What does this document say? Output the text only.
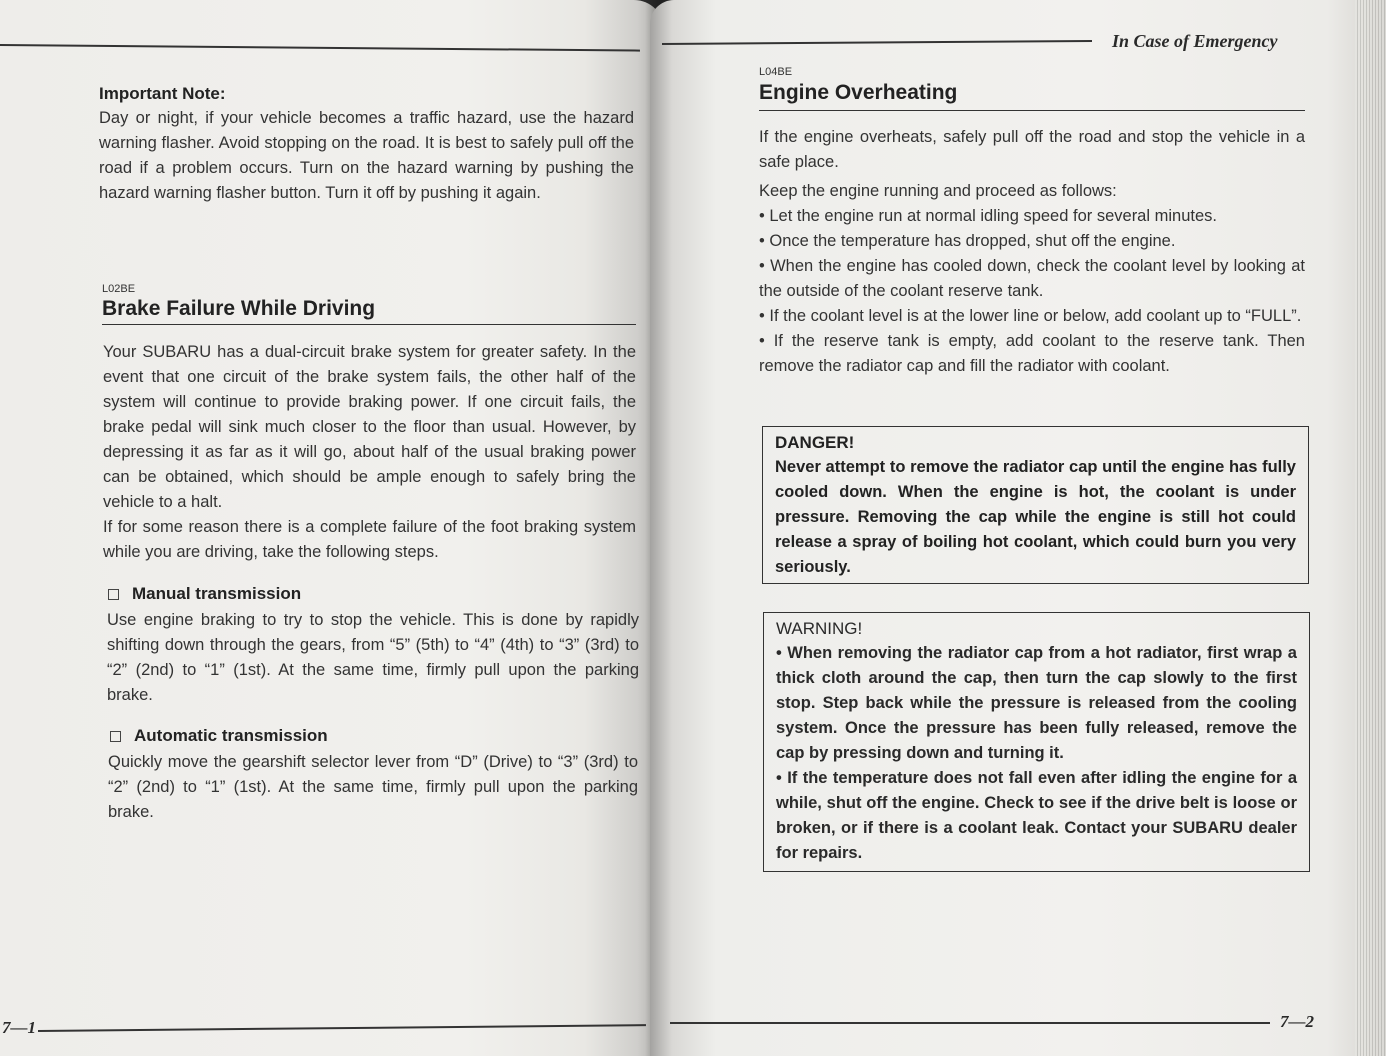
Important Note:
Day or night, if your vehicle becomes a traffic hazard, use the hazard warning flasher. Avoid stopping on the road. It is best to safely pull off the road if a problem occurs. Turn on the hazard warning by pushing the hazard warning flasher button. Turn it off by pushing it again.
L02BE
Brake Failure While Driving

Your SUBARU has a dual-circuit brake system for greater safety. In the event that one circuit of the brake system fails, the other half of the system will continue to provide braking power. If one circuit fails, the brake pedal will sink much closer to the floor than usual. However, by depressing it as far as it will go, about half of the usual braking power can be obtained, which should be ample enough to safely bring the vehicle to a halt.

If for some reason there is a complete failure of the foot braking system while you are driving, take the following steps.

Manual transmission
Use engine braking to try to stop the vehicle. This is done by rapidly shifting down through the gears, from “5” (5th) to “4” (4th) to “3” (3rd) to “2” (2nd) to “1” (1st). At the same time, firmly pull upon the parking brake.
Automatic transmission
Quickly move the gearshift selector lever from “D” (Drive) to “3” (3rd) to “2” (2nd) to “1” (1st). At the same time, firmly pull upon the parking brake.
7—1
In Case of Emergency
L04BE
Engine Overheating

If the engine overheats, safely pull off the road and stop the vehicle in a safe place.

Keep the engine running and proceed as follows:

• Let the engine run at normal idling speed for several minutes.
• Once the temperature has dropped, shut off the engine.
• When the engine has cooled down, check the coolant level by looking at the outside of the coolant reserve tank.
• If the coolant level is at the lower line or below, add coolant up to “FULL”.
• If the reserve tank is empty, add coolant to the reserve tank. Then remove the radiator cap and fill the radiator with coolant.
DANGER!
Never attempt to remove the radiator cap until the engine has fully cooled down. When the engine is hot, the coolant is under pressure. Removing the cap while the engine is still hot could release a spray of boiling hot coolant, which could burn you very seriously.
WARNING!

• When removing the radiator cap from a hot radiator, first wrap a thick cloth around the cap, then turn the cap slowly to the first stop. Step back while the pressure is released from the cooling system. Once the pressure has been fully released, remove the cap by pressing down and turning it.

• If the temperature does not fall even after idling the engine for a while, shut off the engine. Check to see if the drive belt is loose or broken, or if there is a coolant leak. Contact your SUBARU dealer for repairs.

7—2
